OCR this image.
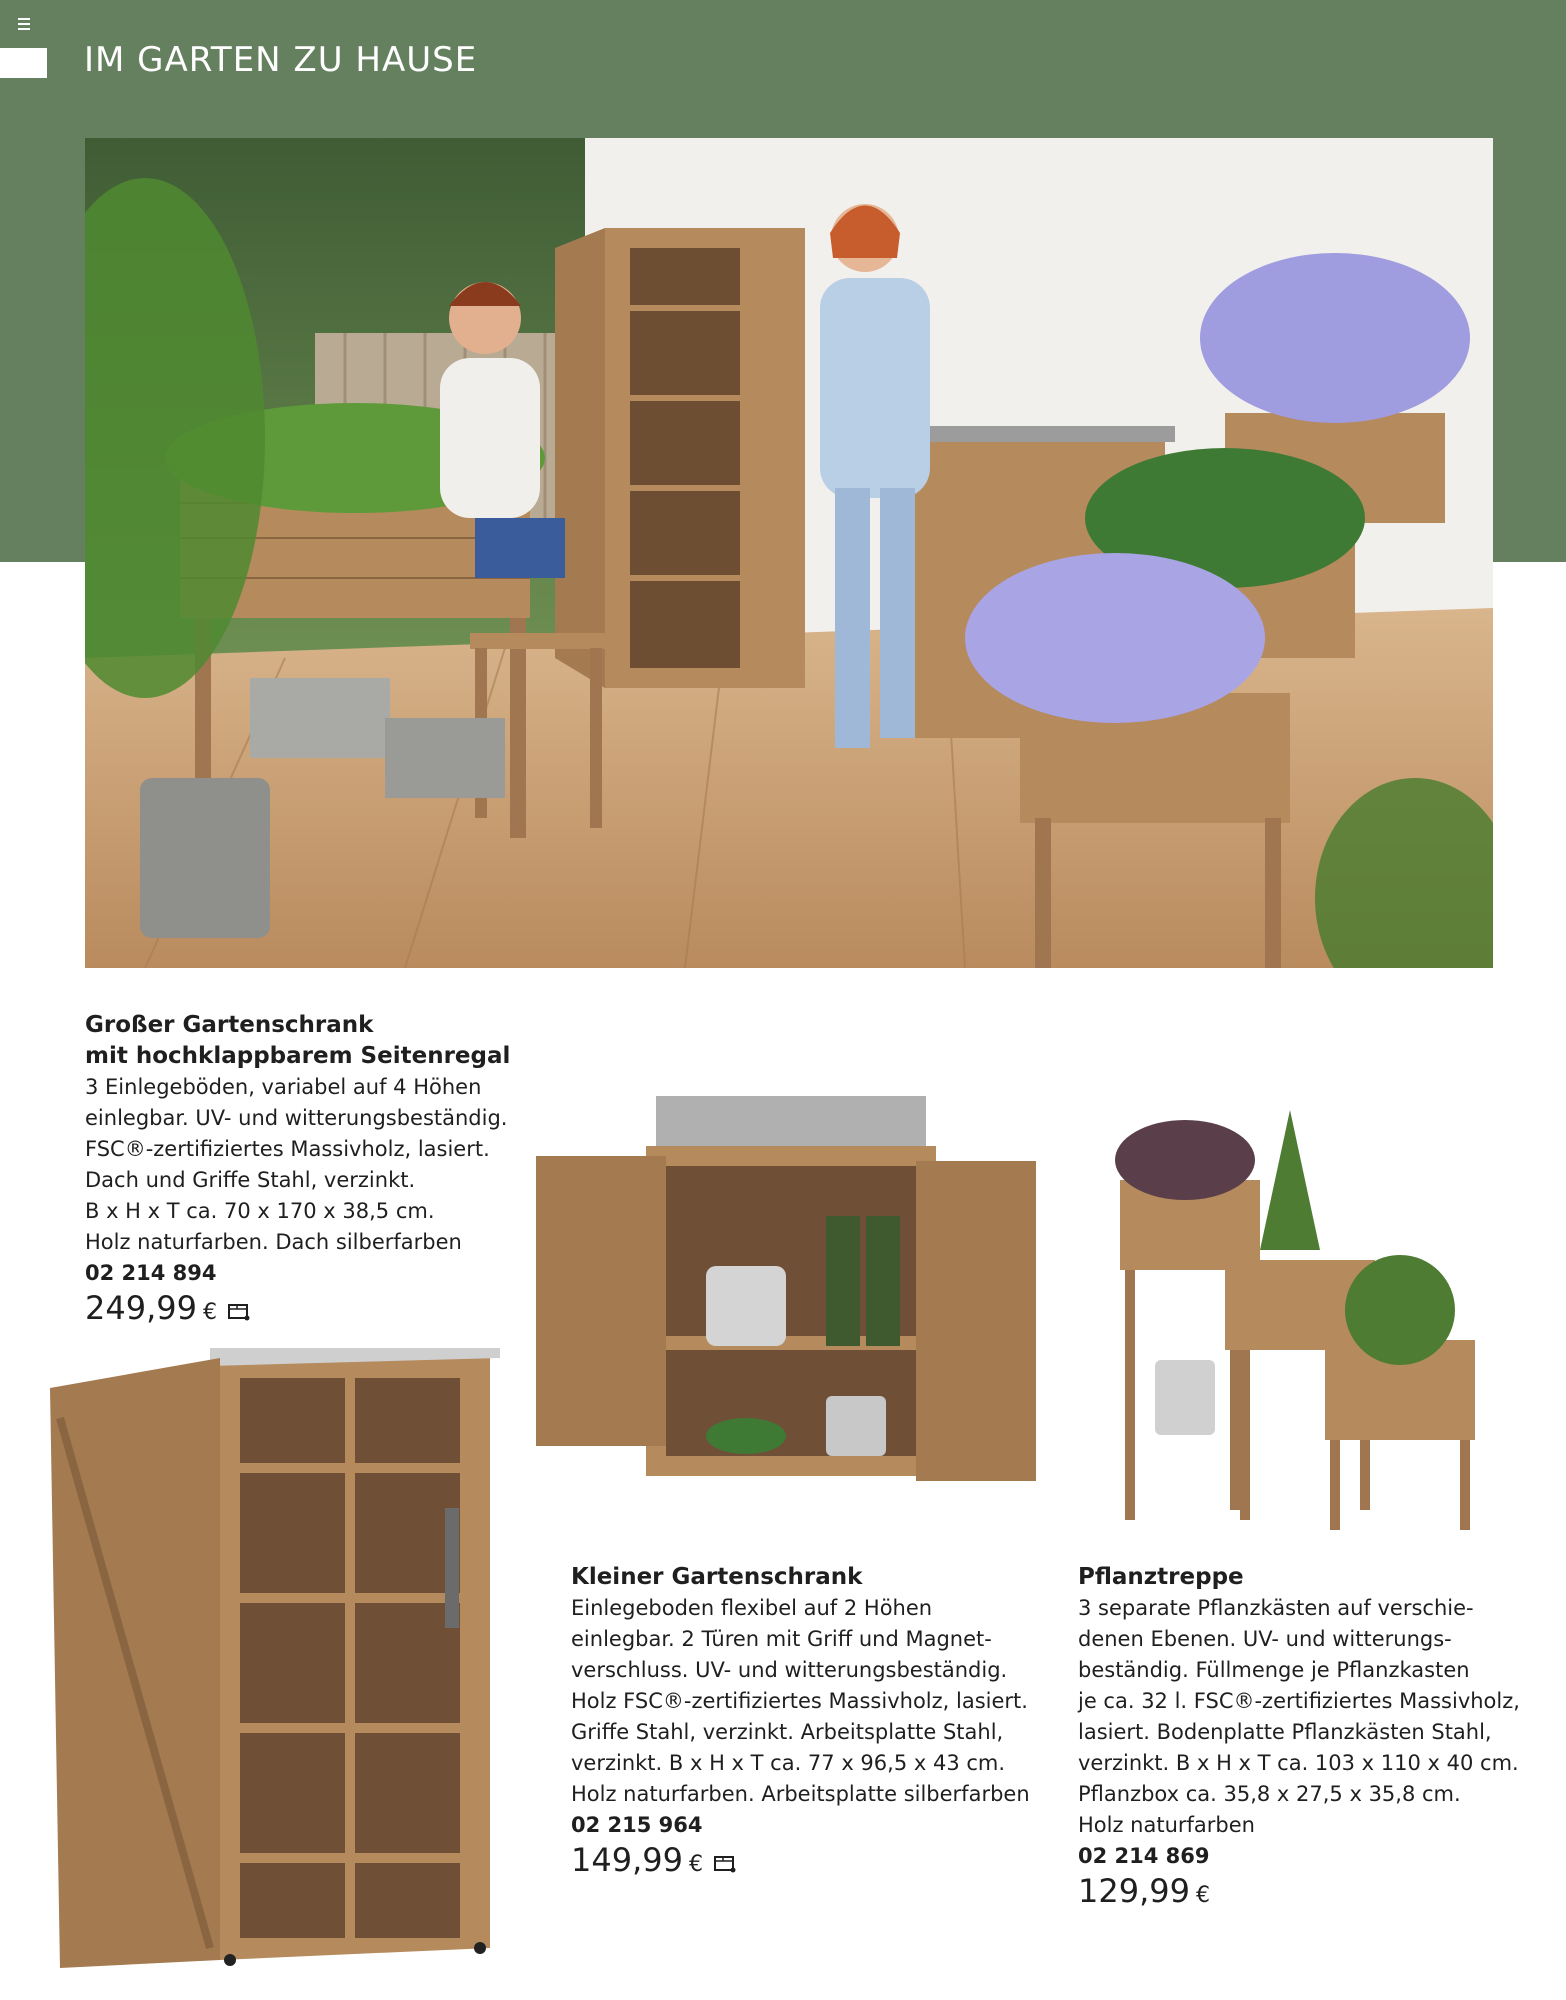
IM GARTEN ZU HAUSE
Großer Gartenschrank
mit hochklappbarem Seitenregal
3 Einlegeböden, variabel auf 4 Höhen
einlegbar. UV- und witterungsbeständig.
FSC®-zertifiziertes Massivholz, lasiert.
Dach und Griffe Stahl, verzinkt.
B x H x T ca. 70 x 170 x 38,5 cm.
Holz naturfarben. Dach silberfarben
02 214 894
249,99 €
Kleiner Gartenschrank
Einlegeboden flexibel auf 2 Höhen
einlegbar. 2 Türen mit Griff und Magnet-
verschluss. UV- und witterungsbeständig.
Holz FSC®-zertifiziertes Massivholz, lasiert.
Griffe Stahl, verzinkt. Arbeitsplatte Stahl,
verzinkt. B x H x T ca. 77 x 96,5 x 43 cm.
Holz naturfarben. Arbeitsplatte silberfarben
02 215 964
149,99 €
Pflanztreppe
3 separate Pflanzkästen auf verschie-
denen Ebenen. UV- und witterungs-
beständig. Füllmenge je Pflanzkasten
je ca. 32 l. FSC®-zertifiziertes Massivholz,
lasiert. Bodenplatte Pflanzkästen Stahl,
verzinkt. B x H x T ca. 103 x 110 x 40 cm.
Pflanzbox ca. 35,8 x 27,5 x 35,8 cm.
Holz naturfarben
02 214 869
129,99 €
